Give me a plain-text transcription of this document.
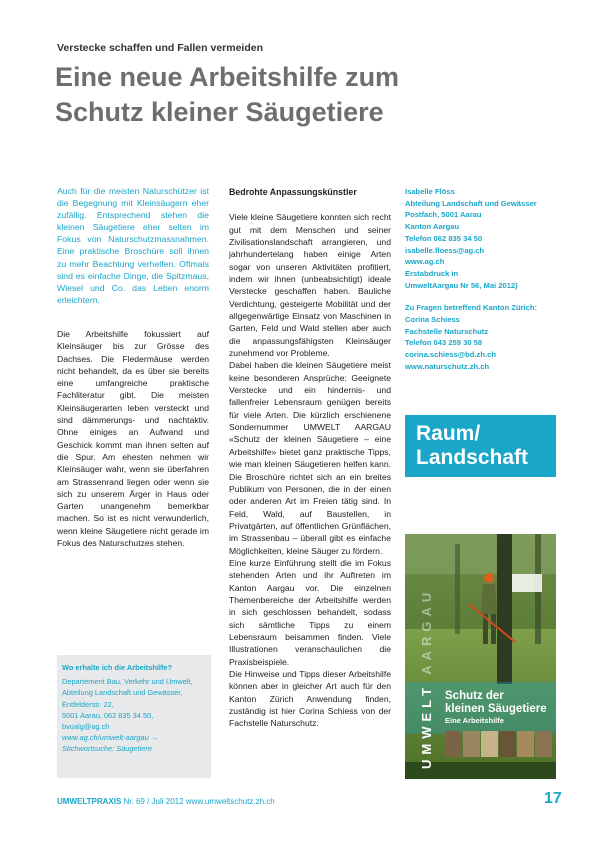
Verstecke schaffen und Fallen vermeiden
Eine neue Arbeitshilfe zum
Schutz kleiner Säugetiere

Auch für die meisten Naturschützer ist die Begegnung mit Kleinsäugern eher zufällig. Entsprechend stehen die kleinen Säugetiere eher selten im Fokus von Naturschutzmassnahmen. Eine praktische Broschüre soll ihnen zu mehr Beachtung verhelfen. Oftmals sind es einfache Dinge, die Spitzmaus, Wiesel und Co. das Leben enorm erleichtern.

Die Arbeitshilfe fokussiert auf Kleinsäuger bis zur Grösse des Dachses. Die Fledermäuse werden nicht behandelt, da es über sie bereits eine umfangreiche praktische Fachliteratur gibt. Die meisten Kleinsäugerarten leben versteckt und sind dämmerungs- und nachtaktiv. Ohne einiges an Aufwand und Geschick kommt man ihnen selten auf die Spur. Am ehesten nehmen wir Kleinsäuger wahr, wenn sie überfahren am Strassenrand liegen oder wenn sie sich zu unserem Ärger in Haus oder Garten unangenehm bemerkbar machen. So ist es nicht verwunderlich, wenn kleine Säugetiere nicht gerade im Fokus des Naturschutzes stehen.

Bedrohte Anpassungskünstler

Viele kleine Säugetiere konnten sich recht gut mit dem Menschen und seiner Zivilisationslandschaft arrangieren, und jahrhundertelang haben einige Arten sogar von unseren Aktivitäten profitiert, indem wir ihnen (unbeabsichtigt) ideale Verstecke geschaffen haben. Bauliche Verdichtung, gesteigerte Mobilität und der allgegenwärtige Einsatz von Maschinen in Garten, Feld und Wald stellen aber auch die anpassungsfähigsten Kleinsäuger zunehmend vor Probleme.

Dabei haben die kleinen Säugetiere meist keine besonderen Ansprüche: Geeignete Verstecke und ein hindernis- und fallenfreier Lebensraum genügen bereits für viele Arten. Die kürzlich erschienene Sondernummer UMWELT AARGAU «Schutz der kleinen Säugetiere – eine Arbeitshilfe» bietet ganz praktische Tipps, wie man kleinen Säugetieren helfen kann. Die Broschüre richtet sich an ein breites Publikum von Personen, die in der einen oder anderen Art im Freien tätig sind. In Feld, Wald, auf Baustellen, in Privatgärten, auf öffentlichen Grünflächen, im Strassenbau – überall gibt es einfache Möglichkeiten, kleine Säuger zu fördern.

Eine kurze Einführung stellt die im Fokus stehenden Arten und ihr Auftreten im Kanton Aargau vor. Die einzelnen Themenbereiche der Arbeitshilfe werden in sich geschlossen behandelt, sodass sich sämtliche Tipps zu einem Lebensraum beisammen finden. Viele Illustrationen veranschaulichen die Praxisbeispiele.

Die Hinweise und Tipps dieser Arbeitshilfe können aber in gleicher Art auch für den Kanton Zürich Anwendung finden, zuständig ist hier Corina Schiess von der Fachstelle Naturschutz.

Isabelle Flöss
Abteilung Landschaft und Gewässer
Postfach, 5001 Aarau
Kanton Aargau
Telefon 062 835 34 50
isabelle.floess@ag.ch
www.ag.ch
Erstabdruck in
UmweltAargau Nr 56, Mai 2012)
Zu Fragen betreffend Kanton Zürich:
Corina Schiess
Fachstelle Naturschutz
Telefon 043 259 30 58
corina.schiess@bd.zh.ch
www.naturschutz.zh.ch
Raum/
Landschaft
UMWELT AARGAU
Schutz der
kleinen Säugetiere
Eine Arbeitshilfe
Wo erhalte ich die Arbeitshilfe?
Departement Bau, Verkehr und Umwelt,
Abteilung Landschaft und Gewässer,
Entfelderstr. 22,
5001 Aarau, 062 835 34 50,
bvualg@ag.ch
www.ag.ch/umwelt-aargau →
Stichwortsuche: Säugetiere
UMWELTPRAXIS Nr. 69 / Juli 2012 www.umweltschutz.zh.ch	17
